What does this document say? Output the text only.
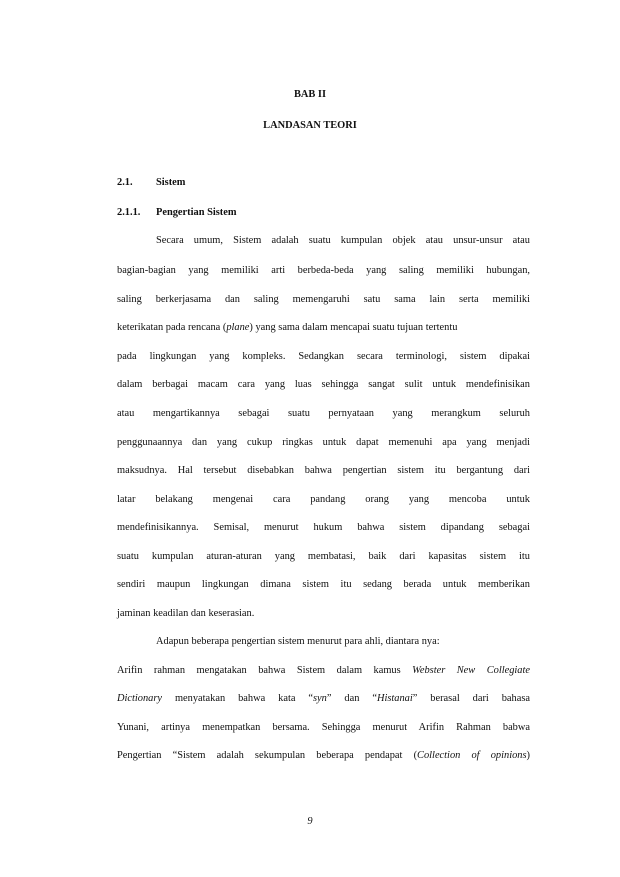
BAB II

LANDASAN TEORI

2.1. Sistem

2.1.1. Pengertian Sistem

Secara umum, Sistem adalah suatu kumpulan objek atau unsur-unsur atau

bagian-bagian yang memiliki arti berbeda-beda yang saling memiliki hubungan,

saling berkerjasama dan saling memengaruhi satu sama lain serta memiliki

keterikatan pada rencana (plane) yang sama dalam mencapai suatu tujuan tertentu

pada lingkungan yang kompleks. Sedangkan secara terminologi, sistem dipakai

dalam berbagai macam cara yang luas sehingga sangat sulit untuk mendefinisikan

atau mengartikannya sebagai suatu pernyataan yang merangkum seluruh

penggunaannya dan yang cukup ringkas untuk dapat memenuhi apa yang menjadi

maksudnya. Hal tersebut disebabkan bahwa pengertian sistem itu bergantung dari

latar belakang mengenai cara pandang orang yang mencoba untuk

mendefinisikannya. Semisal, menurut hukum bahwa sistem dipandang sebagai

suatu kumpulan aturan-aturan yang membatasi, baik dari kapasitas sistem itu

sendiri maupun lingkungan dimana sistem itu sedang berada untuk memberikan

jaminan keadilan dan keserasian.

Adapun beberapa pengertian sistem menurut para ahli, diantara nya:

Arifin rahman mengatakan bahwa Sistem dalam kamus Webster New Collegiate

Dictionary menyatakan bahwa kata “syn” dan “Histanai” berasal dari bahasa

Yunani, artinya menempatkan bersama. Sehingga menurut Arifin Rahman babwa

Pengertian “Sistem adalah sekumpulan beberapa pendapat (Collection of opinions)

9
